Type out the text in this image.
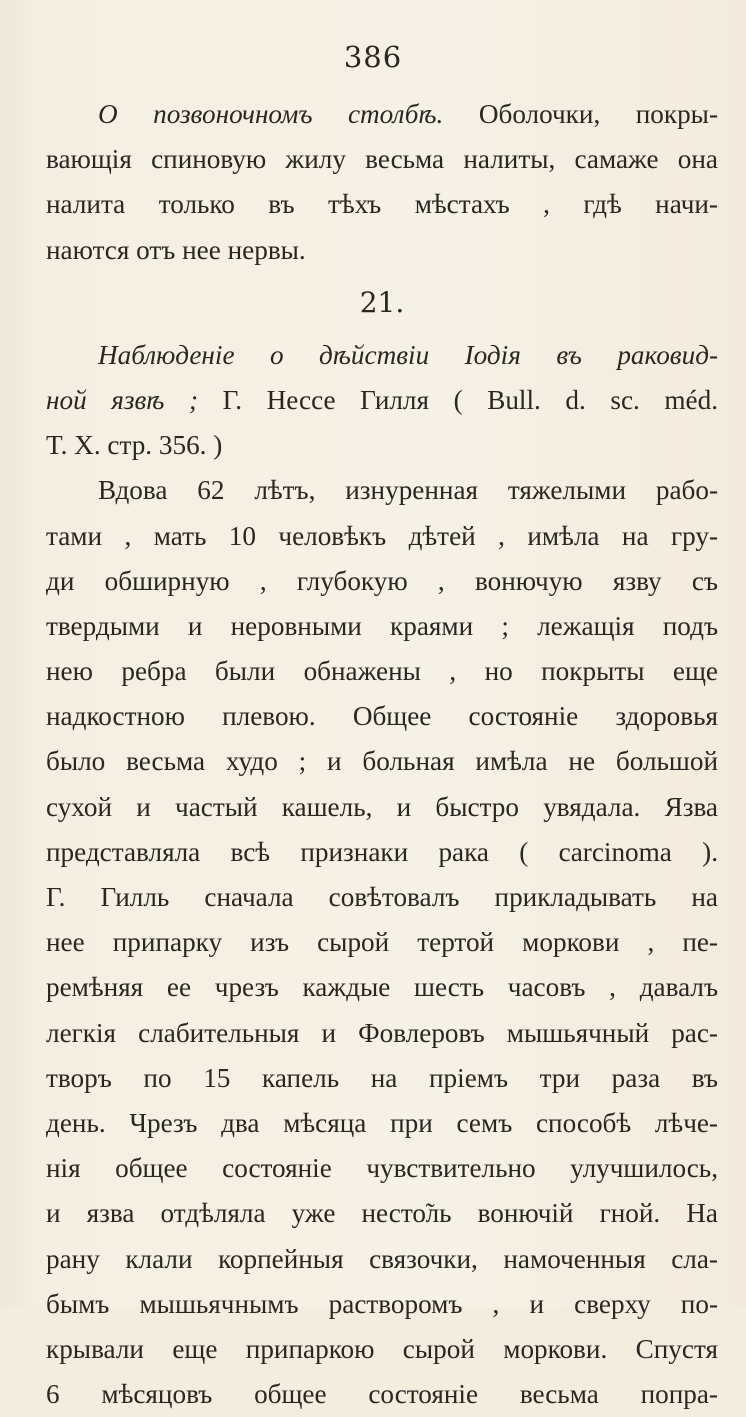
386
О позвоночномъ столбѣ. Оболочки, покры-
вающія спиновую жилу весьма налиты, самаже она
налита только въ тѣхъ мѣстахъ , гдѣ начи-
наются отъ нее нервы.
21.
Наблюденіе о дѣйствіи Іодія въ раковид-
ной язвѣ ; Г. Нессе Гилля ( Bull. d. sc. méd.
T. X. стр. 356. )
Вдова 62 лѣтъ, изнуренная тяжелыми рабо-
тами , мать 10 человѣкъ дѣтей , имѣла на гру-
ди обширную , глубокую , вонючую язву съ
твердыми и неровными краями ; лежащія подъ
нею ребра были обнажены , но покрыты еще
надкостною плевою. Общее состояніе здоровья
было весьма худо ; и больная имѣла не большой
сухой и частый кашель, и быстро увядала. Язва
представляла всѣ признаки рака ( carcinoma ).
Г. Гилль сначала совѣтовалъ прикладывать на
нее припарку изъ сырой тертой моркови , пе-
ремѣняя ее чрезъ каждые шесть часовъ , давалъ
легкія слабительныя и Фовлеровъ мышьячный рас-
творъ по 15 капель на пріемъ три раза въ
день. Чрезъ два мѣсяца при семъ способѣ лѣче-
нія общее состояніе чувствительно улучшилось,
и язва отдѣляла уже несто̃ль вонючій гной. На
рану клали корпейныя связочки, намоченныя сла-
бымъ мышьячнымъ растворомъ , и сверху по-
крывали еще припаркою сырой моркови. Спустя
6 мѣсяцовъ общее состояніе весьма попра-
